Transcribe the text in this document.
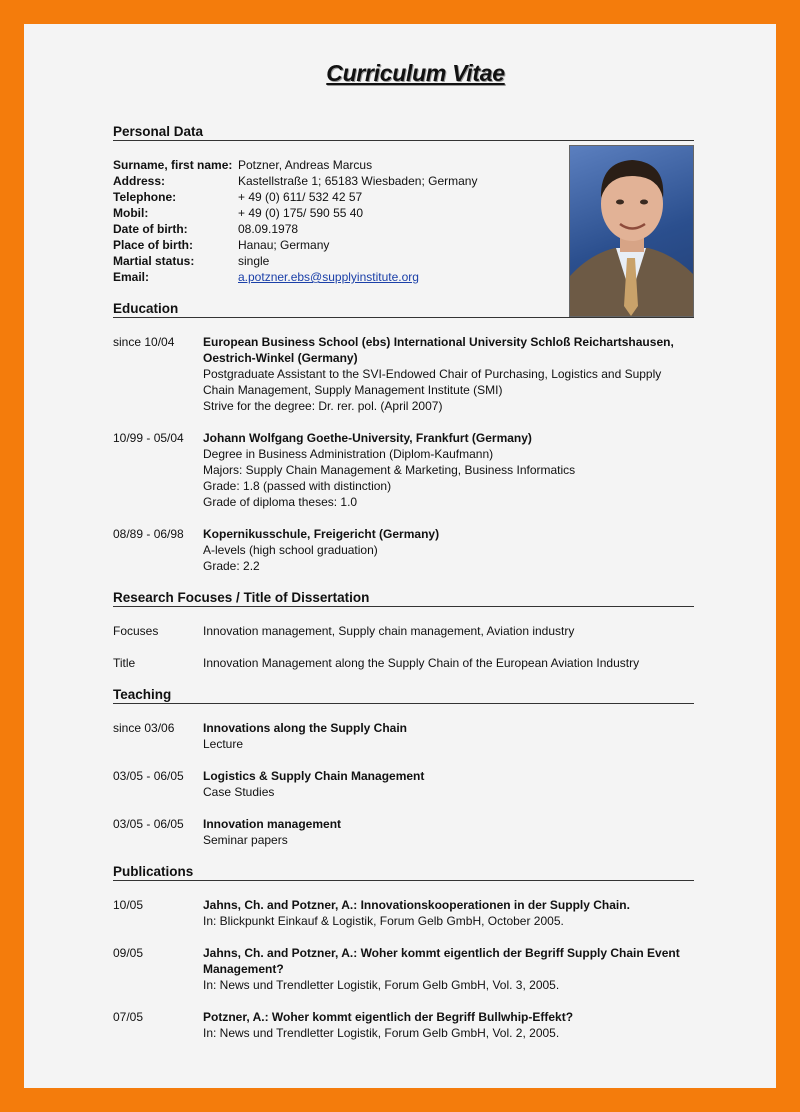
Curriculum Vitae
Personal Data
Surname, first name: Potzner, Andreas Marcus
Address:	Kastellstraße 1; 65183 Wiesbaden; Germany
Telephone:	+ 49 (0) 611/ 532 42 57
Mobil:	+ 49 (0) 175/ 590 55 40
Date of birth:	08.09.1978
Place of birth:	Hanau; Germany
Martial status:	single
Email:	a.potzner.ebs@supplyinstitute.org
Education
since 10/04	European Business School (ebs) International University Schloß Reichartshausen, Oestrich-Winkel (Germany)
Postgraduate Assistant to the SVI-Endowed Chair of Purchasing, Logistics and Supply Chain Management, Supply Management Institute (SMI)
Strive for the degree: Dr. rer. pol. (April 2007)
10/99 - 05/04	Johann Wolfgang Goethe-University, Frankfurt (Germany)
Degree in Business Administration (Diplom-Kaufmann)
Majors: Supply Chain Management & Marketing, Business Informatics
Grade: 1.8 (passed with distinction)
Grade of diploma theses: 1.0
08/89 - 06/98	Kopernikusschule, Freigericht (Germany)
A-levels (high school graduation)
Grade: 2.2
Research Focuses / Title of Dissertation
Focuses	Innovation management, Supply chain management, Aviation industry
Title	Innovation Management along the Supply Chain of the European Aviation Industry
Teaching
since 03/06	Innovations along the Supply Chain
Lecture
03/05 - 06/05	Logistics & Supply Chain Management
Case Studies
03/05 - 06/05	Innovation management
Seminar papers
Publications
10/05	Jahns, Ch. and Potzner, A.: Innovationskooperationen in der Supply Chain.
In: Blickpunkt Einkauf & Logistik, Forum Gelb GmbH, October 2005.
09/05	Jahns, Ch. and Potzner, A.: Woher kommt eigentlich der Begriff Supply Chain Event Management?
In: News und Trendletter Logistik, Forum Gelb GmbH, Vol. 3, 2005.
07/05	Potzner, A.: Woher kommt eigentlich der Begriff Bullwhip-Effekt?
In: News und Trendletter Logistik, Forum Gelb GmbH, Vol. 2, 2005.
